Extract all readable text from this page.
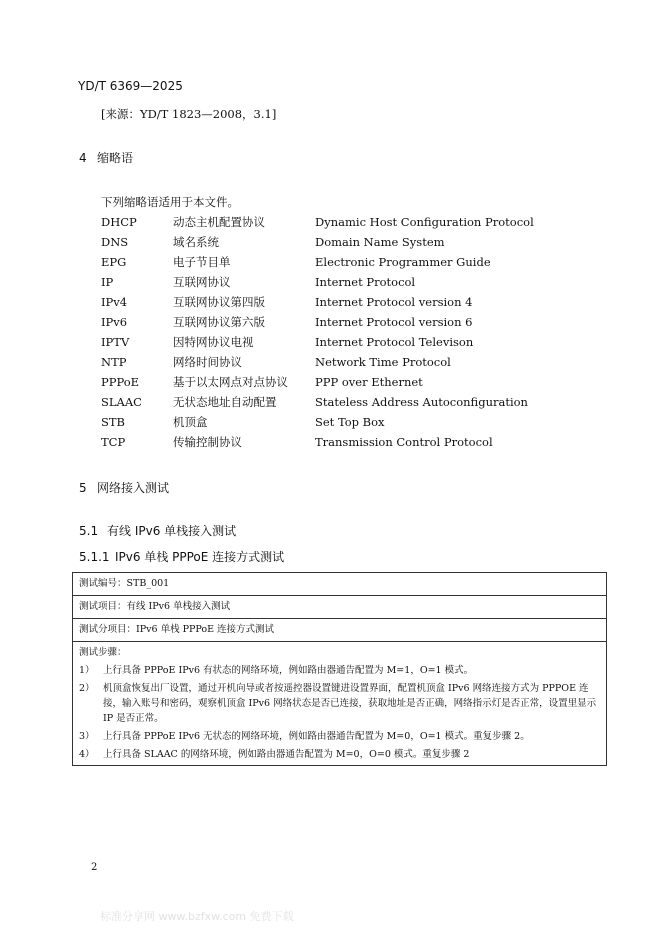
YD/T 6369—2025
[来源：YD/T 1823—2008，3.1]
4 缩略语
下列缩略语适用于本文件。
DHCP	动态主机配置协议	Dynamic Host Configuration Protocol
DNS	域名系统	Domain Name System
EPG	电子节目单	Electronic Programmer Guide
IP	互联网协议	Internet Protocol
IPv4	互联网协议第四版	Internet Protocol version 4
IPv6	互联网协议第六版	Internet Protocol version 6
IPTV	因特网协议电视	Internet Protocol Televison
NTP	网络时间协议	Network Time Protocol
PPPoE	基于以太网点对点协议	PPP over Ethernet
SLAAC	无状态地址自动配置	Stateless Address Autoconfiguration
STB	机顶盒	Set Top Box
TCP	传输控制协议	Transmission Control Protocol
5 网络接入测试
5.1 有线 IPv6 单栈接入测试
5.1.1 IPv6 单栈 PPPoE 连接方式测试
测试编号：STB_001
测试项目：有线 IPv6 单栈接入测试
测试分项目：IPv6 单栈 PPPoE 连接方式测试
测试步骤：
1） 上行具备 PPPoE IPv6 有状态的网络环境，例如路由器通告配置为 M=1，O=1 模式。
2） 机顶盒恢复出厂设置，通过开机向导或者按遥控器设置键进设置界面，配置机顶盒 IPv6 网络连接方式为 PPPOE 连接，输入账号和密码，观察机顶盒 IPv6 网络状态是否已连接，获取地址是否正确，网络指示灯是否正常，设置里显示 IP 是否正常。
3） 上行具备 PPPoE IPv6 无状态的网络环境，例如路由器通告配置为 M=0，O=1 模式。重复步骤 2。
4） 上行具备 SLAAC 的网络环境，例如路由器通告配置为 M=0，O=0 模式。重复步骤 2
2
标准分享网 www.bzfxw.com 免费下载
